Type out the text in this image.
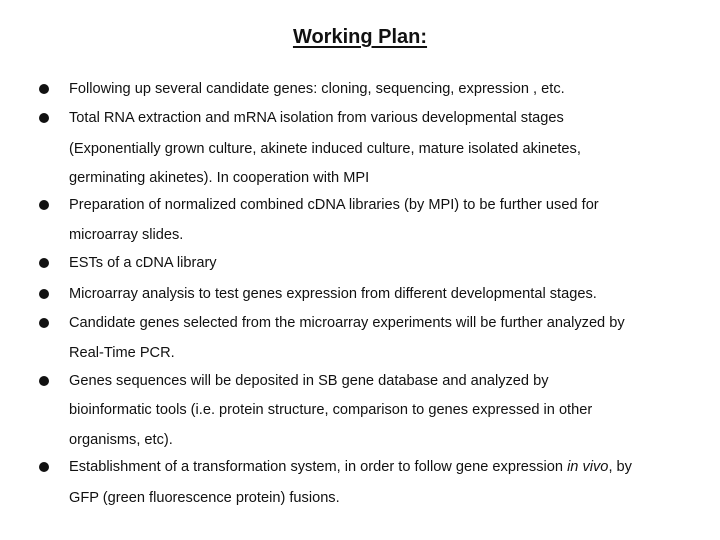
Working Plan:
Following up several candidate genes: cloning, sequencing, expression , etc.
Total RNA extraction and mRNA isolation from various developmental stages
(Exponentially grown culture, akinete induced culture, mature isolated akinetes,
germinating akinetes). In cooperation with MPI
Preparation of normalized combined cDNA libraries (by MPI) to be further used for
microarray slides.
ESTs of a cDNA library
Microarray analysis to test genes expression from different developmental stages.
Candidate genes selected from the microarray experiments will be further analyzed by
Real-Time PCR.
Genes sequences will be deposited in SB gene database and analyzed by
bioinformatic tools (i.e. protein structure, comparison to genes expressed in other
organisms, etc).
Establishment of a transformation system, in order to follow gene expression in vivo, by
GFP (green fluorescence protein) fusions.
